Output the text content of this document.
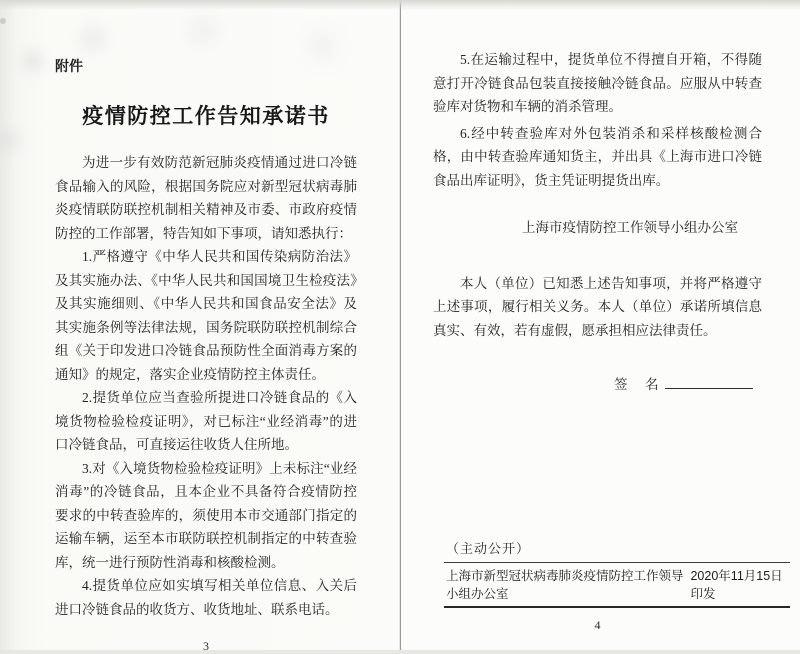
附件
疫情防控工作告知承诺书

为进一步有效防范新冠肺炎疫情通过进口冷链食品输入的风险，根据国务院应对新型冠状病毒肺炎疫情联防联控机制相关精神及市委、市政府疫情防控的工作部署，特告知如下事项，请知悉执行：

1.严格遵守《中华人民共和国传染病防治法》及其实施办法、《中华人民共和国国境卫生检疫法》及其实施细则、《中华人民共和国食品安全法》及其实施条例等法律法规，国务院联防联控机制综合组《关于印发进口冷链食品预防性全面消毒方案的通知》的规定，落实企业疫情防控主体责任。

2.提货单位应当查验所提进口冷链食品的《入境货物检验检疫证明》，对已标注“业经消毒”的进口冷链食品，可直接运往收货人住所地。

3.对《入境货物检验检疫证明》上未标注“业经消毒”的冷链食品，且本企业不具备符合疫情防控要求的中转查验库的，须使用本市交通部门指定的运输车辆，运至本市联防联控机制指定的中转查验库，统一进行预防性消毒和核酸检测。

4.提货单位应如实填写相关单位信息、入关后进口冷链食品的收货方、收货地址、联系电话。

3

5.在运输过程中，提货单位不得擅自开箱，不得随意打开冷链食品包装直接接触冷链食品。应服从中转查验库对货物和车辆的消杀管理。

6.经中转查验库对外包装消杀和采样核酸检测合格，由中转查验库通知货主，并出具《上海市进口冷链食品出库证明》，货主凭证明提货出库。

上海市疫情防控工作领导小组办公室

本人（单位）已知悉上述告知事项，并将严格遵守上述事项，履行相关义务。本人（单位）承诺所填信息真实、有效，若有虚假，愿承担相应法律责任。

签　名
（主动公开）
上海市新型冠状病毒肺炎疫情防控工作领导小组办公室
2020年11月15日印发
4
